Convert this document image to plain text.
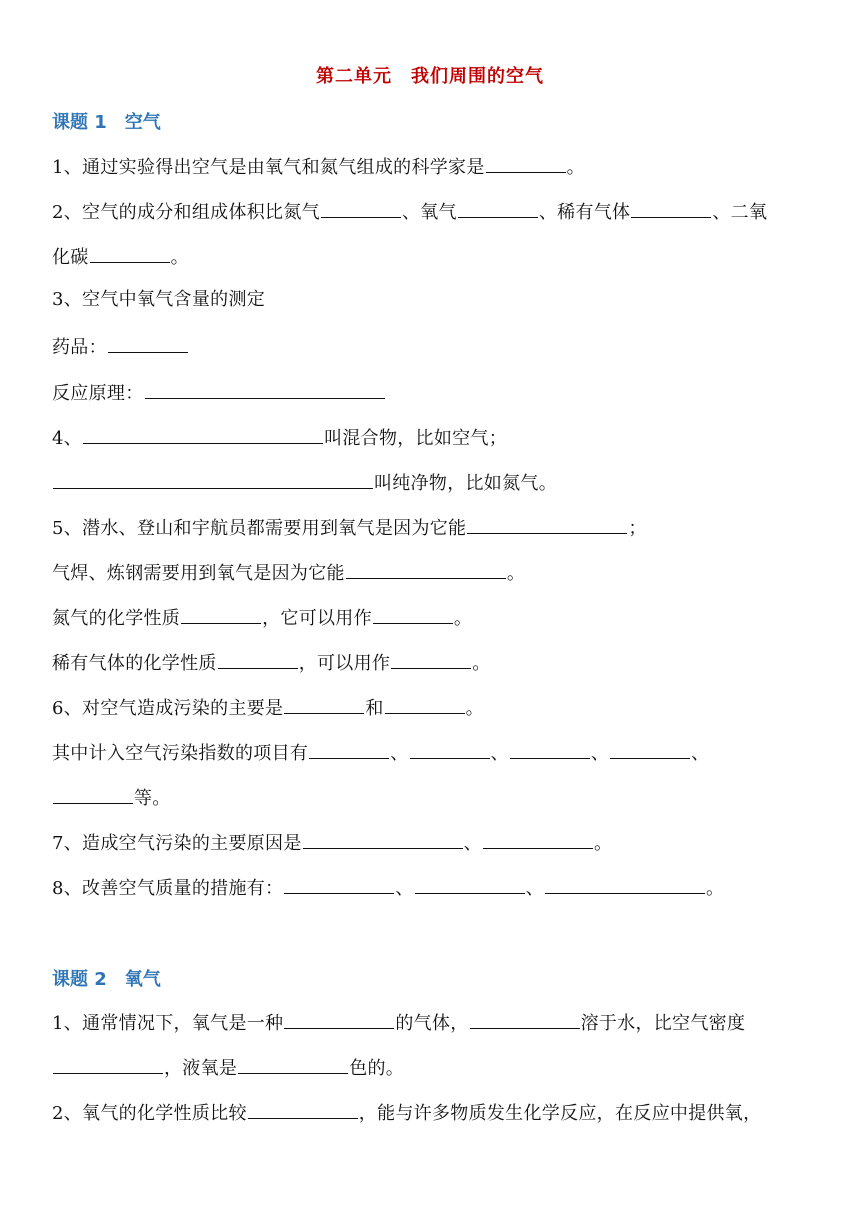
第二单元　我们周围的空气
课题 1　空气
1、通过实验得出空气是由氧气和氮气组成的科学家是	。
2、空气的成分和组成体积比氮气	、氧气	、稀有气体	、二氧
化碳	。
3、空气中氧气含量的测定
药品：
反应原理：
4、	叫混合物，比如空气；
叫纯净物，比如氮气。
5、潜水、登山和宇航员都需要用到氧气是因为它能	；
气焊、炼钢需要用到氧气是因为它能	。
氮气的化学性质	，它可以用作	。
稀有气体的化学性质	，可以用作	。
6、对空气造成污染的主要是	和	。
其中计入空气污染指数的项目有	、	、	、	、
等。
7、造成空气污染的主要原因是	、	。
8、改善空气质量的措施有：	、	、	。
课题 2　氧气
1、通常情况下，氧气是一种	的气体，	溶于水，比空气密度
，液氧是	色的。
2、氧气的化学性质比较	，能与许多物质发生化学反应，在反应中提供氧，
